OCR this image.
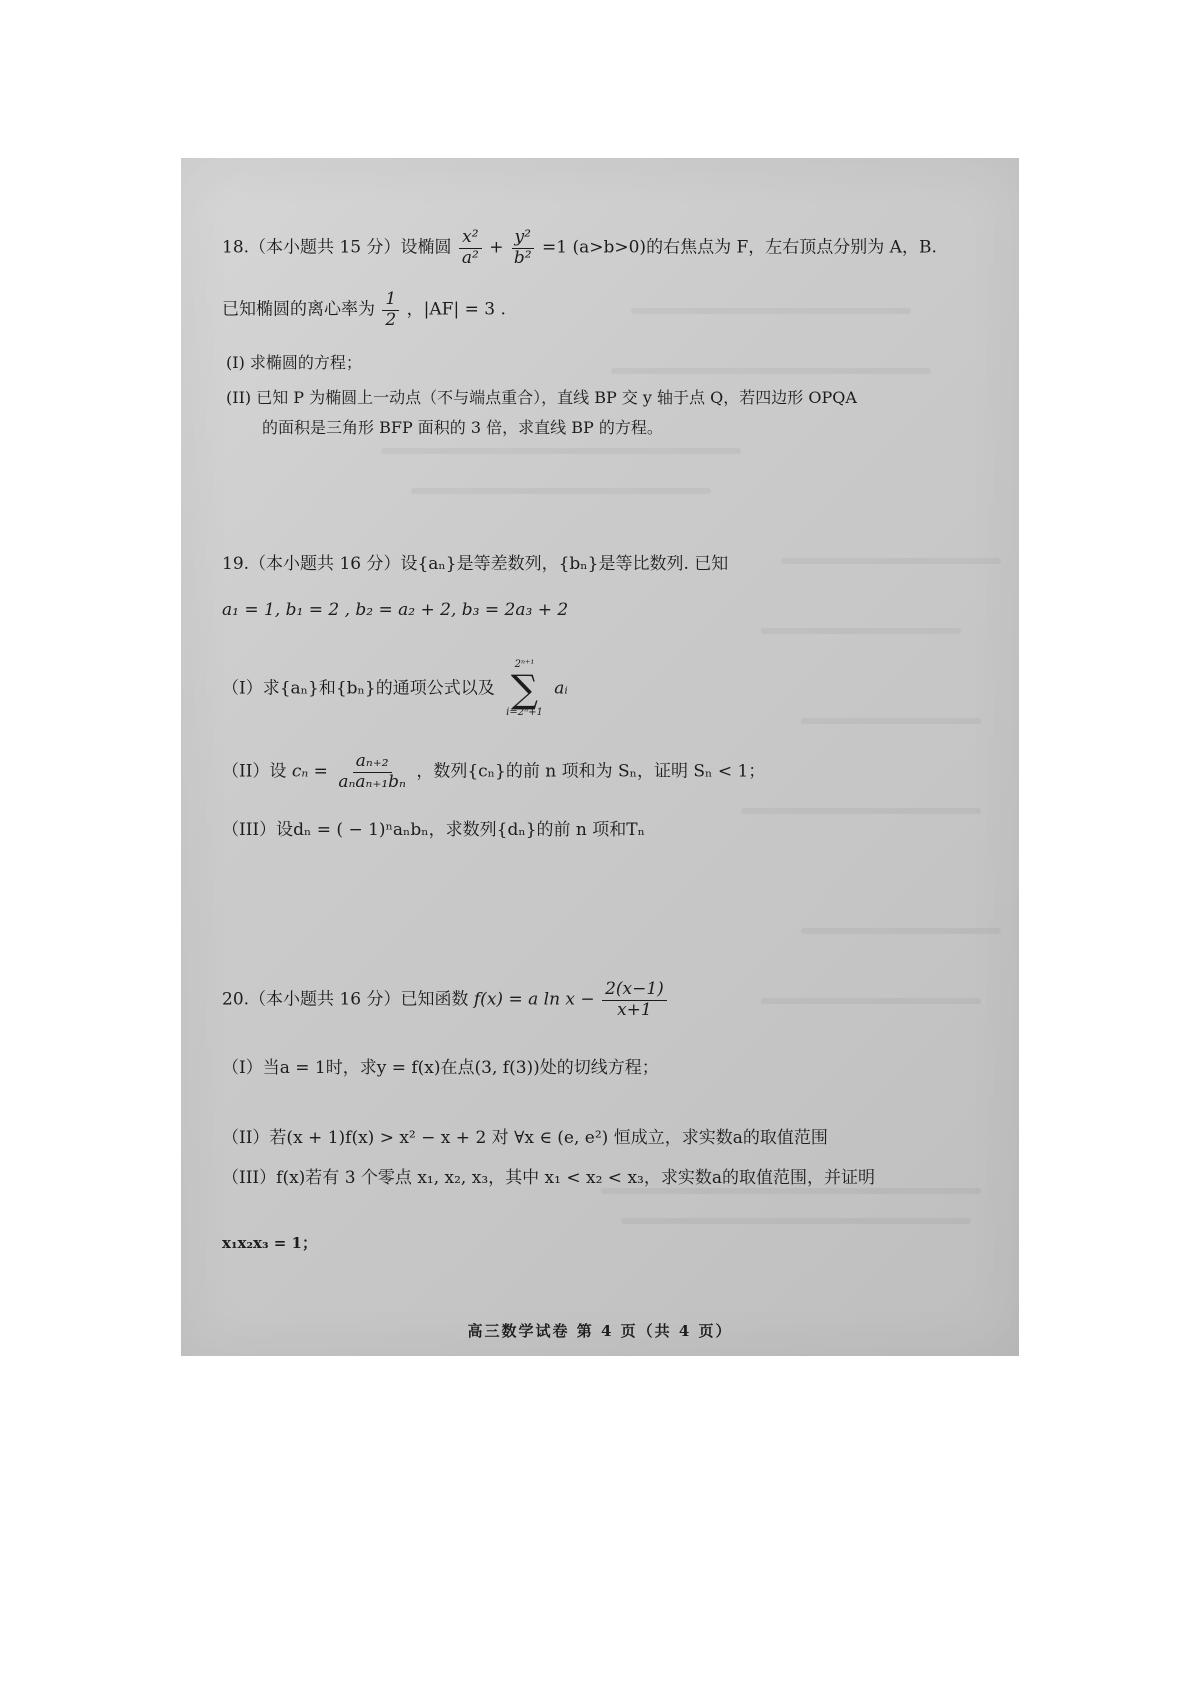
18.（本小题共 15 分）设椭圆 $\frac{\text{x²}}{\text{a²}} + \frac{\text{y²}}{\text{b²}} =1$ (a>b>0)的右焦点为 F，左右顶点分别为 A，B.
已知椭圆的离心率为 $\frac{1}{2}$ ，|AF| = 3 .
(I) 求椭圆的方程；
(II) 已知 P 为椭圆上一动点（不与端点重合），直线 BP 交 y 轴于点 Q，若四边形 OPQA
的面积是三角形 BFP 面积的 3 倍，求直线 BP 的方程。
19.（本小题共 16 分）设{aₙ}是等差数列，{bₙ}是等比数列. 已知
a₁ = 1, b₁ = 2 , b₂ = a₂ + 2, b₃ = 2a₃ + 2
（I）求{aₙ}和{bₙ}的通项公式以及
2ⁿ⁺¹
∑
i=2ⁿ+1
aᵢ
（II）设 $c_n = \frac{\text{aₙ₊₂}}{\text{aₙaₙ₊₁bₙ}}$ ，数列{cₙ}的前 n 项和为 Sₙ，证明 Sₙ < 1；
（III）设dₙ = ( − 1)ⁿaₙbₙ，求数列{dₙ}的前 n 项和Tₙ
20.（本小题共 16 分）已知函数 f(x) = a $\ln x - \frac{2(x-1)}{x+1}$
（I）当a = 1时，求y = f(x)在点(3, f(3))处的切线方程；
（II）若(x + 1)f(x) > x² − x + 2 对 ∀x ∈ (e, e²) 恒成立，求实数a的取值范围
（III）f(x)若有 3 个零点 x₁, x₂, x₃，其中 x₁ < x₂ < x₃，求实数a的取值范围，并证明
x₁x₂x₃ = 1；
高三数学试卷 第 4 页（共 4 页）
